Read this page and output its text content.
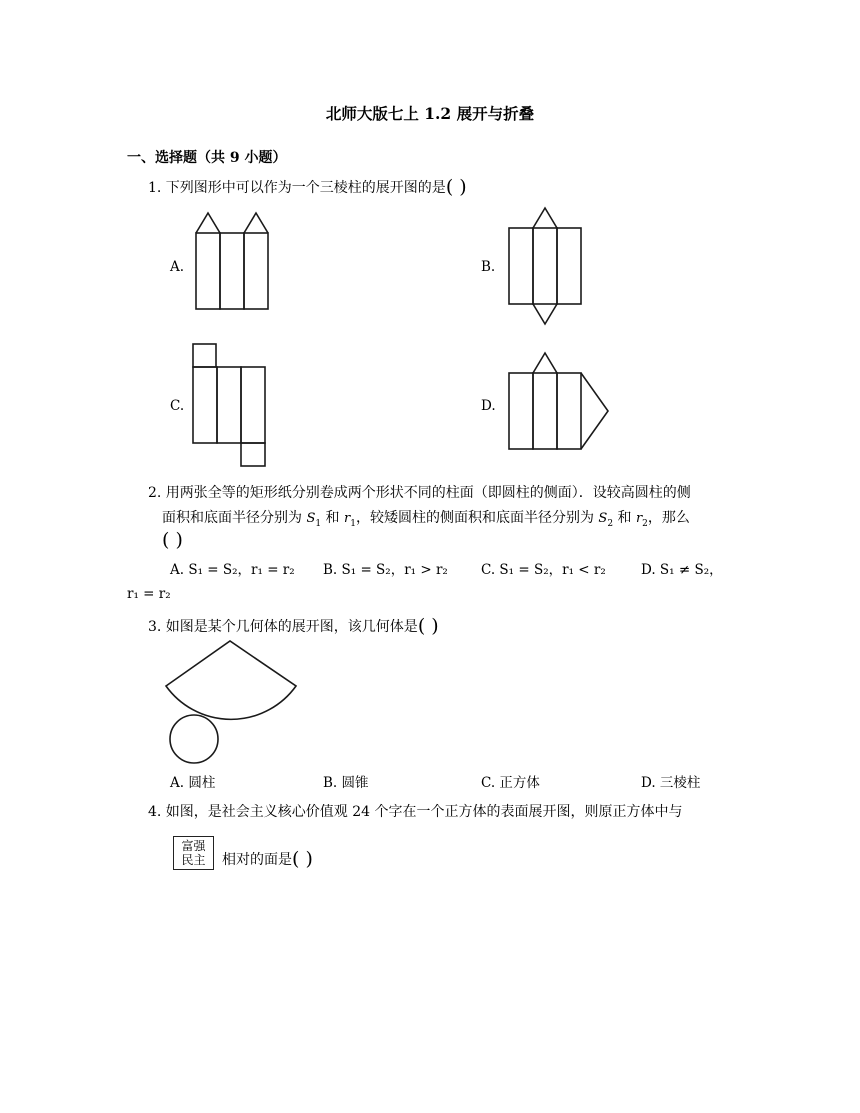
北师大版七上 1.2 展开与折叠
一、选择题（共 9 小题）
1. 下列图形中可以作为一个三棱柱的展开图的是( )
A.	B.
C.	D.
2. 用两张全等的矩形纸分别卷成两个形状不同的柱面（即圆柱的侧面）．设较高圆柱的侧
面积和底面半径分别为 $S_1$ 和 $r_1$，较矮圆柱的侧面积和底面半径分别为 $S_2$ 和 $r_2$，那么
( )
A. S₁ = S₂，r₁ = r₂ B. S₁ = S₂，r₁ > r₂ C. S₁ = S₂，r₁ < r₂	D. S₁ ≠ S₂，
r₁ = r₂
3. 如图是某个几何体的展开图，该几何体是( )
A. 圆柱	B. 圆锥	C. 正方体	D. 三棱柱
4. 如图，是社会主义核心价值观 24 个字在一个正方体的表面展开图，则原正方体中与
富强
民主 相对的面是( )
